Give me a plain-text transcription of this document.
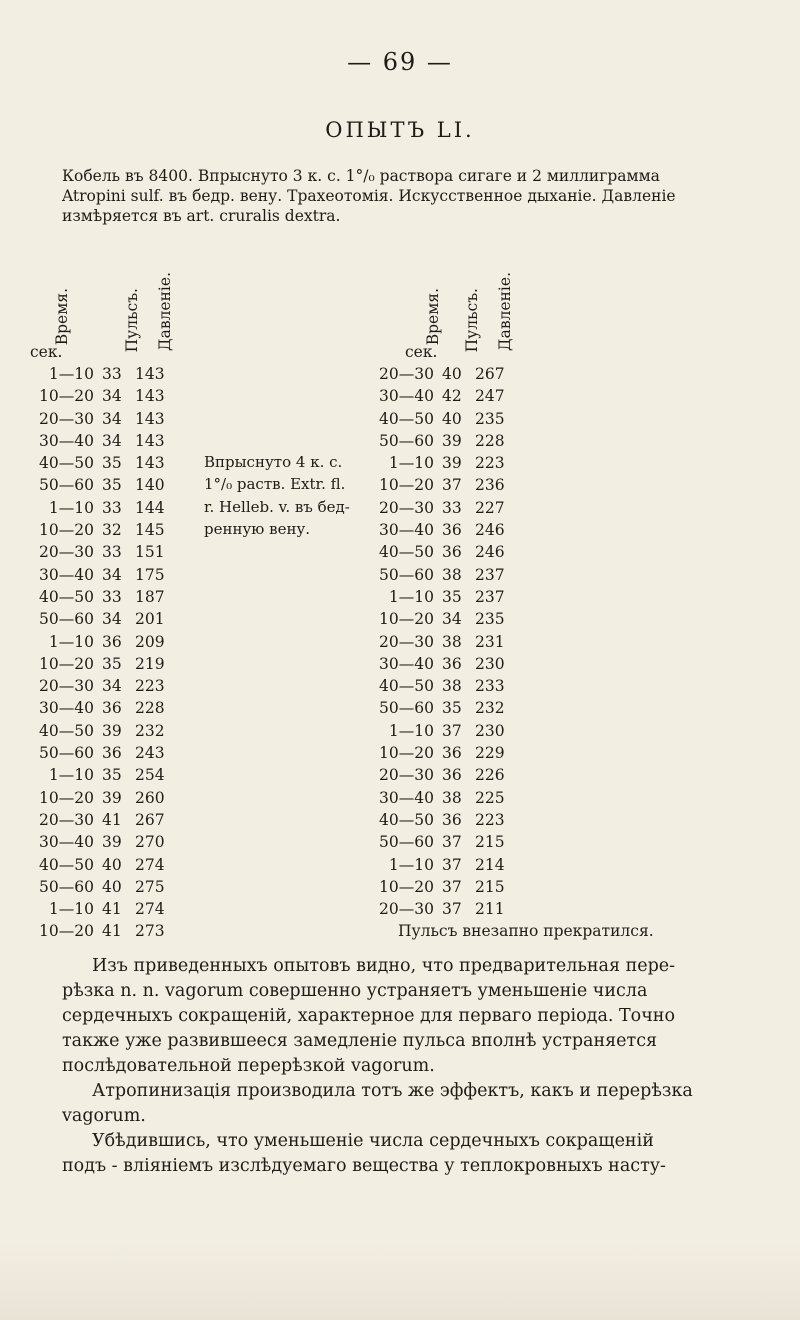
— 69 —
ОПЫТЪ LI.
Кобель въ 8400. Впрыснуто 3 к. с. 1°/₀ раствора сигаге и 2 миллиграмма
Atropini sulf. въ бедр. вену. Трахеотомія. Искусственное дыханіе. Давленіе
измѣряется въ art. cruralis dextra.
Время.	Пульсъ. Давленіе.
сек.
Время. Пульсъ. Давленіе.
сек.
1—10 33 143
10—20 34 143
20—30 34 143
30—40 34 143
40—50 35 143
50—60 35 140
1—10 33 144
10—20 32 145
20—30 33 151
30—40 34 175
40—50 33 187
50—60 34 201
1—10 36 209
10—20 35 219
20—30 34 223
30—40 36 228
40—50 39 232
50—60 36 243
1—10 35 254
10—20 39 260
20—30 41 267
30—40 39 270
40—50 40 274
50—60 40 275
1—10 41 274
10—20 41 273
20—30 40 267
30—40 42 247
40—50 40 235
50—60 39 228
1—10 39 223
10—20 37 236
20—30 33 227
30—40 36 246
40—50 36 246
50—60 38 237
1—10 35 237
10—20 34 235
20—30 38 231
30—40 36 230
40—50 38 233
50—60 35 232
1—10 37 230
10—20 36 229
20—30 36 226
30—40 38 225
40—50 36 223
50—60 37 215
1—10 37 214
10—20 37 215
20—30 37 211
Пульсъ внезапно прекратился.
Впрыснуто 4 к. с.
1°/₀ раств. Extr. fl.
r. Helleb. v. въ бед-
ренную вену.
Изъ приведенныхъ опытовъ видно, что предварительная пере-
рѣзка n. n. vagorum совершенно устраняетъ уменьшеніе числа
сердечныхъ сокращеній, характерное для перваго періода. Точно
также уже развившееся замедленіе пульса вполнѣ устраняется
послѣдовательной перерѣзкой vagorum.
Атропинизація производила тотъ же эффектъ, какъ и перерѣзка
vagorum.
Убѣдившись, что уменьшеніе числа сердечныхъ сокращеній
подъ - вліяніемъ изслѣдуемаго вещества у теплокровныхъ насту-
